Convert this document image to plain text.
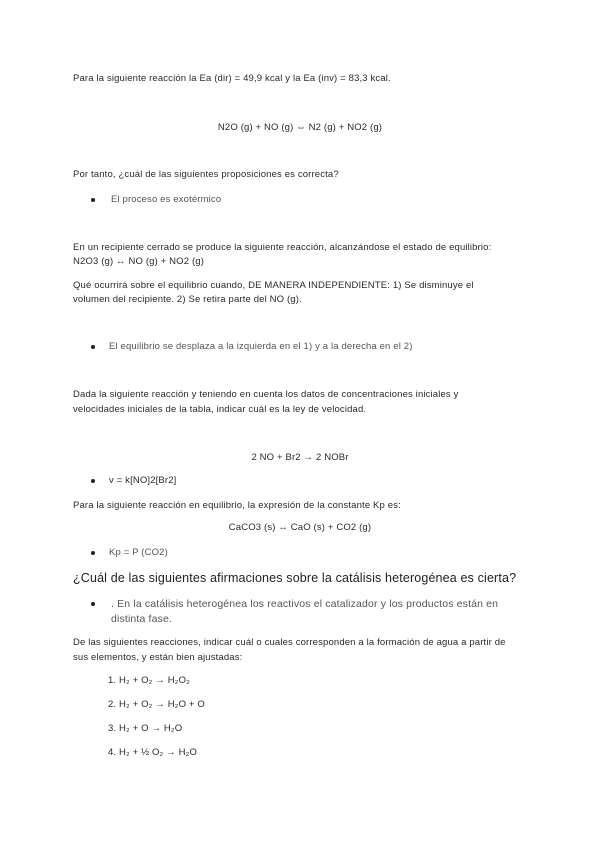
Para la siguiente reacción la Ea (dir) = 49,9 kcal y la Ea (inv) = 83,3 kcal.
N2O (g) + NO (g) ⇔ N2 (g) + NO2 (g)
Por tanto, ¿cuál de las siguientes proposiciones es correcta?
El proceso es exotérmico
En un recipiente cerrado se produce la siguiente reacción, alcanzándose el estado de equilibrio:
N2O3 (g) ↔ NO (g) + NO2 (g)
Qué ocurrirá sobre el equilibrio cuando, DE MANERA INDEPENDIENTE: 1) Se disminuye el
volumen del recipiente. 2) Se retira parte del NO (g).
El equilibrio se desplaza a la izquierda en el 1) y a la derecha en el 2)
Dada la siguiente reacción y teniendo en cuenta los datos de concentraciones iniciales y
velocidades iniciales de la tabla, indicar cuál es la ley de velocidad.
2 NO + Br2 → 2 NOBr
v = k[NO]2[Br2]
Para la siguiente reacción en equilibrio, la expresión de la constante Kp es:
CaCO3 (s) ↔ CaO (s) + CO2 (g)
Kp = P (CO2)
¿Cuál de las siguientes afirmaciones sobre la catálisis heterogénea es cierta?
. En la catálisis heterogénea los reactivos el catalizador y los productos están en
distinta fase.
De las siguientes reacciones, indicar cuál o cuales corresponden a la formación de agua a partir de
sus elementos, y están bien ajustadas:
1. H₂ + O₂ → H₂O₂
2. H₂ + O₂ → H₂O + O
3. H₂ + O → H₂O
4. H₂ + ½ O₂ → H₂O
